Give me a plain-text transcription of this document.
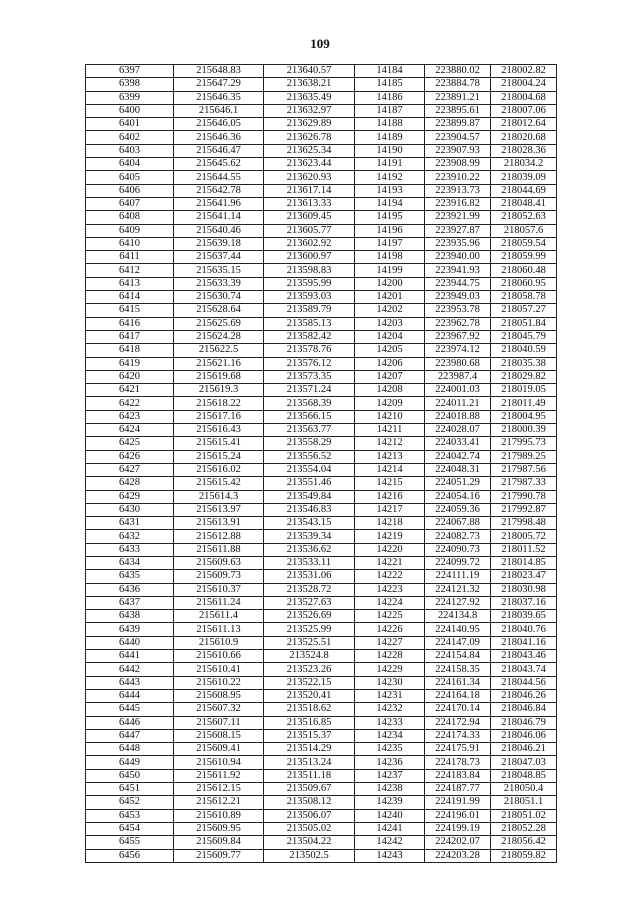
109
6397	215648.83	213640.57	14184	223880.02	218002.82
6398	215647.29	213638.21	14185	223884.78	218004.24
6399	215646.35	213635.49	14186	223891.21	218004.68
6400	215646.1	213632.97	14187	223895.61	218007.06
6401	215646.05	213629.89	14188	223899.87	218012.64
6402	215646.36	213626.78	14189	223904.57	218020.68
6403	215646.47	213625.34	14190	223907.93	218028.36
6404	215645.62	213623.44	14191	223908.99	218034.2
6405	215644.55	213620.93	14192	223910.22	218039.09
6406	215642.78	213617.14	14193	223913.73	218044.69
6407	215641.96	213613.33	14194	223916.82	218048.41
6408	215641.14	213609.45	14195	223921.99	218052.63
6409	215640.46	213605.77	14196	223927.87	218057.6
6410	215639.18	213602.92	14197	223935.96	218059.54
6411	215637.44	213600.97	14198	223940.00	218059.99
6412	215635.15	213598.83	14199	223941.93	218060.48
6413	215633.39	213595.99	14200	223944.75	218060.95
6414	215630.74	213593.03	14201	223949.03	218058.78
6415	215628.64	213589.79	14202	223953.78	218057.27
6416	215625.69	213585.13	14203	223962.78	218051.84
6417	215624.28	213582.42	14204	223967.92	218045.79
6418	215622.5	213578.76	14205	223974.12	218040.59
6419	215621.16	213576.12	14206	223980.68	218035.38
6420	215619.68	213573.35	14207	223987.4	218029.82
6421	215619.3	213571.24	14208	224001.03	218019.05
6422	215618.22	213568.39	14209	224011.21	218011.49
6423	215617.16	213566.15	14210	224018.88	218004.95
6424	215616.43	213563.77	14211	224028.07	218000.39
6425	215615.41	213558.29	14212	224033.41	217995.73
6426	215615.24	213556.52	14213	224042.74	217989.25
6427	215616.02	213554.04	14214	224048.31	217987.56
6428	215615.42	213551.46	14215	224051.29	217987.33
6429	215614.3	213549.84	14216	224054.16	217990.78
6430	215613.97	213546.83	14217	224059.36	217992.87
6431	215613.91	213543.15	14218	224067.88	217998.48
6432	215612.88	213539.34	14219	224082.73	218005.72
6433	215611.88	213536.62	14220	224090.73	218011.52
6434	215609.63	213533.11	14221	224099.72	218014.85
6435	215609.73	213531.06	14222	224111.19	218023.47
6436	215610.37	213528.72	14223	224121.32	218030.98
6437	215611.24	213527.63	14224	224127.92	218037.16
6438	215611.4	213526.69	14225	224134.8	218039.65
6439	215611.13	213525.99	14226	224140.95	218040.76
6440	215610.9	213525.51	14227	224147.09	218041.16
6441	215610.66	213524.8	14228	224154.84	218043.46
6442	215610.41	213523.26	14229	224158.35	218043.74
6443	215610.22	213522.15	14230	224161.34	218044.56
6444	215608.95	213520.41	14231	224164.18	218046.26
6445	215607.32	213518.62	14232	224170.14	218046.84
6446	215607.11	213516.85	14233	224172.94	218046.79
6447	215608.15	213515.37	14234	224174.33	218046.06
6448	215609.41	213514.29	14235	224175.91	218046.21
6449	215610.94	213513.24	14236	224178.73	218047.03
6450	215611.92	213511.18	14237	224183.84	218048.85
6451	215612.15	213509.67	14238	224187.77	218050.4
6452	215612.21	213508.12	14239	224191.99	218051.1
6453	215610.89	213506.07	14240	224196.01	218051.02
6454	215609.95	213505.02	14241	224199.19	218052.28
6455	215609.84	213504.22	14242	224202.07	218056.42
6456	215609.77	213502.5	14243	224203.28	218059.82
